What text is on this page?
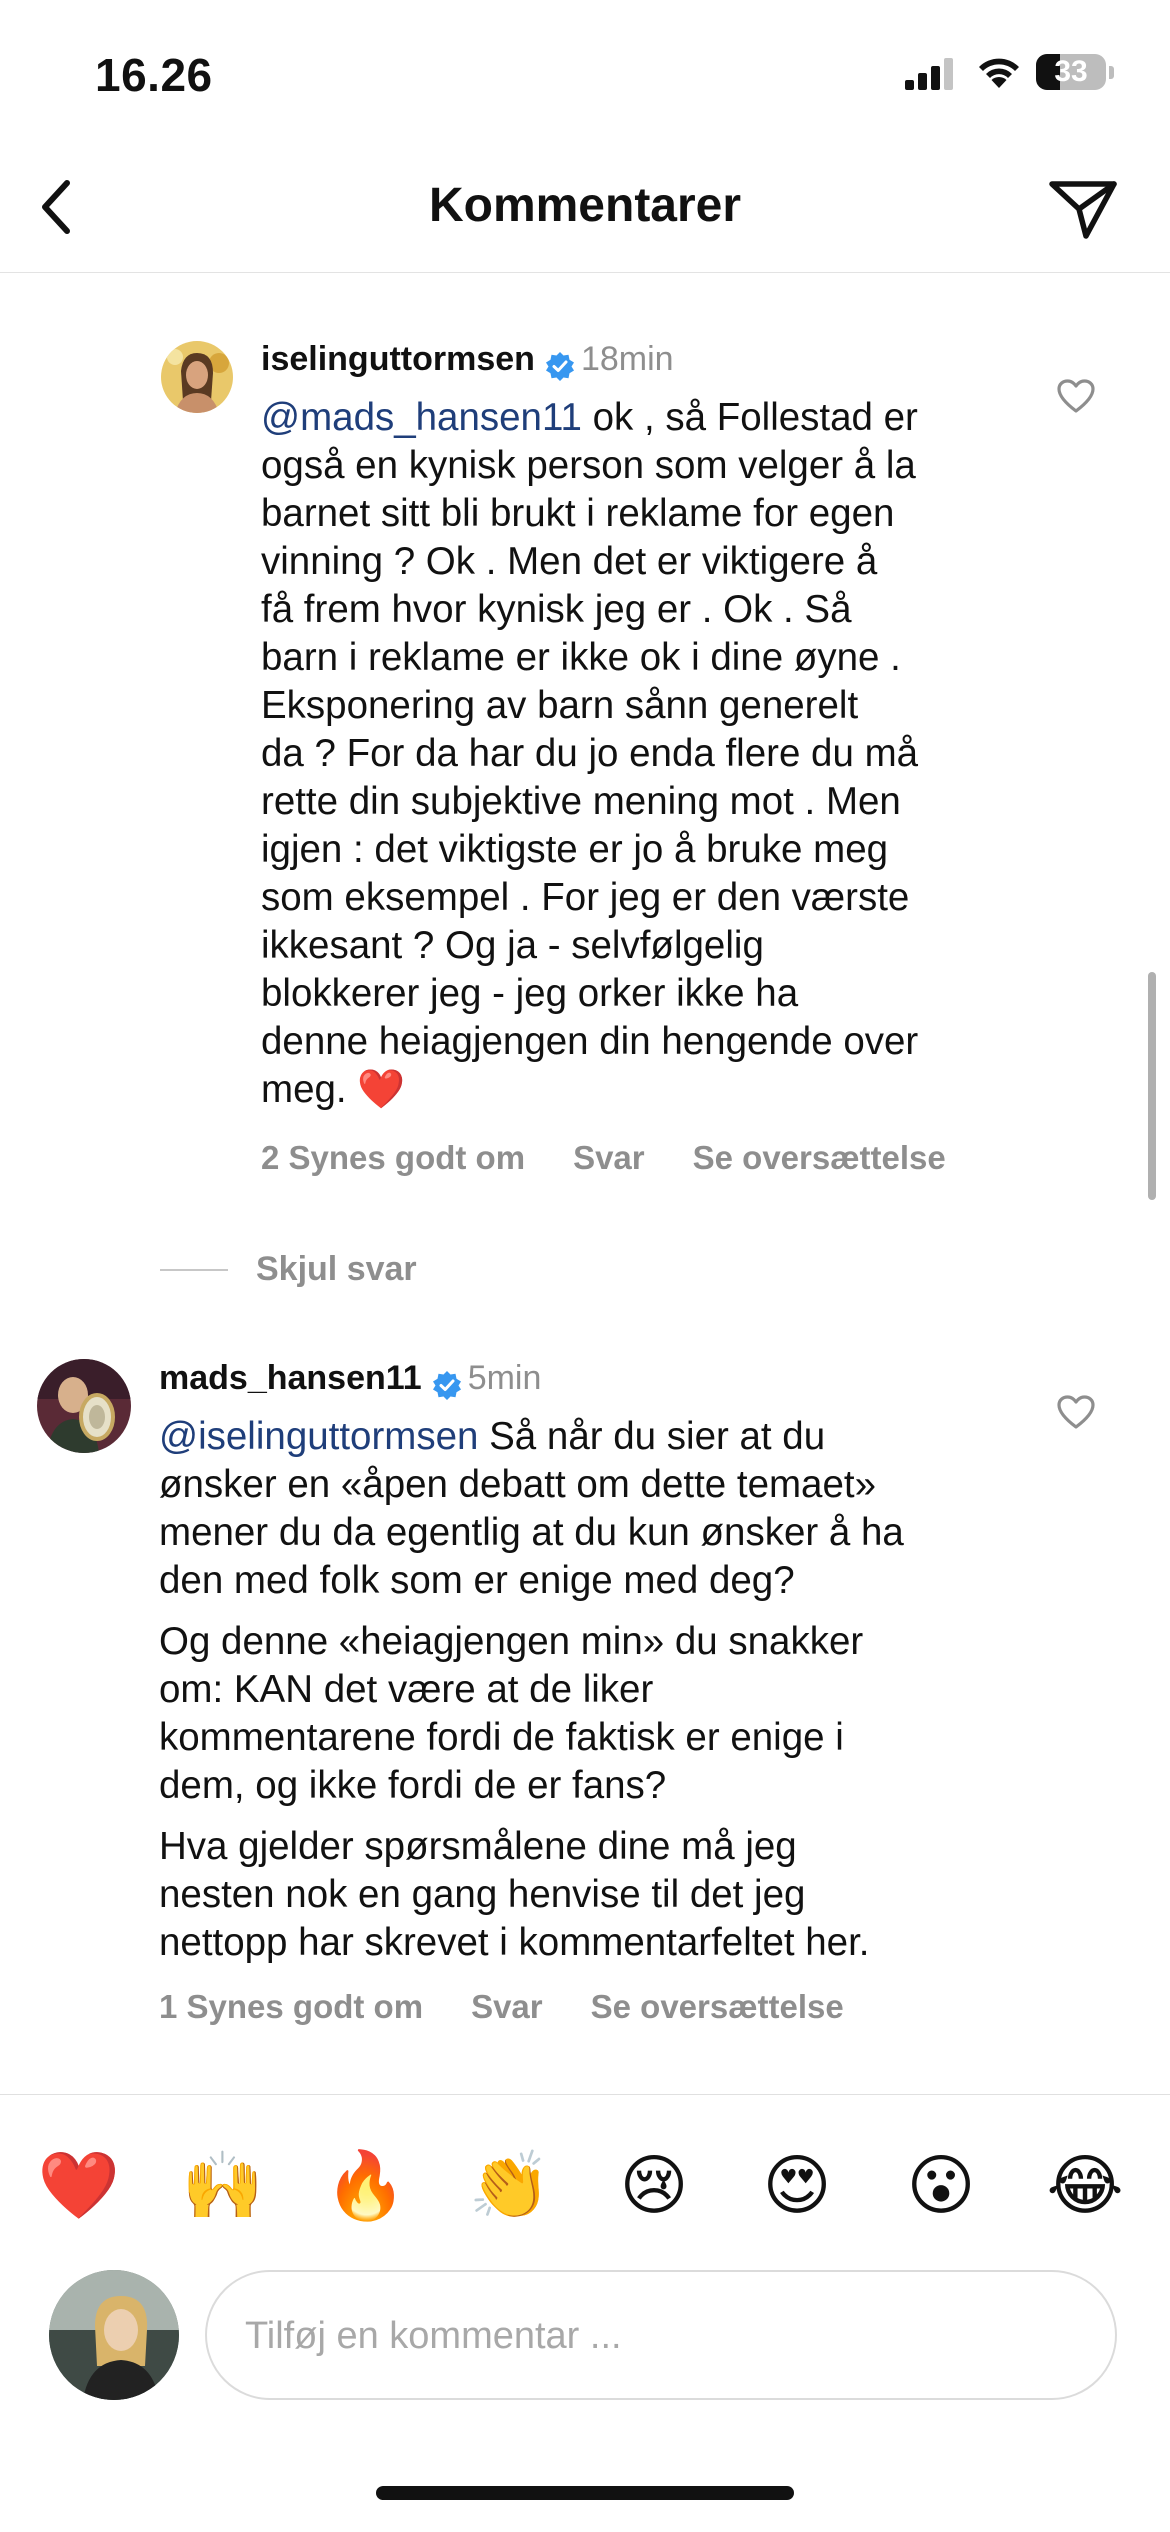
16.26	33
Kommentarer
iselinguttormsen 18min

@mads_hansen11 ok , så Follestad er

også en kynisk person som velger å la

barnet sitt bli brukt i reklame for egen

vinning ? Ok . Men det er viktigere å

få frem hvor kynisk jeg er . Ok . Så

barn i reklame er ikke ok i dine øyne .

Eksponering av barn sånn generelt

da ? For da har du jo enda flere du må

rette din subjektive mening mot . Men

igjen : det viktigste er jo å bruke meg

som eksempel . For jeg er den værste

ikkesant ? Og ja - selvfølgelig

blokkerer jeg - jeg orker ikke ha

denne heiagjengen din hengende over

meg. ❤️

2 Synes godt om Svar Se oversættelse
Skjul svar
mads_hansen11 5min

@iselinguttormsen Så når du sier at du

ønsker en «åpen debatt om dette temaet»

mener du da egentlig at du kun ønsker å ha

den med folk som er enige med deg?

Og denne «heiagjengen min» du snakker

om: KAN det være at de liker

kommentarene fordi de faktisk er enige i

dem, og ikke fordi de er fans?

Hva gjelder spørsmålene dine må jeg

nesten nok en gang henvise til det jeg

nettopp har skrevet i kommentarfeltet her.

1 Synes godt om Svar Se oversættelse
❤️ 🙌 🔥 👏 😢 😍 😮 😂
Tilføj en kommentar ...
